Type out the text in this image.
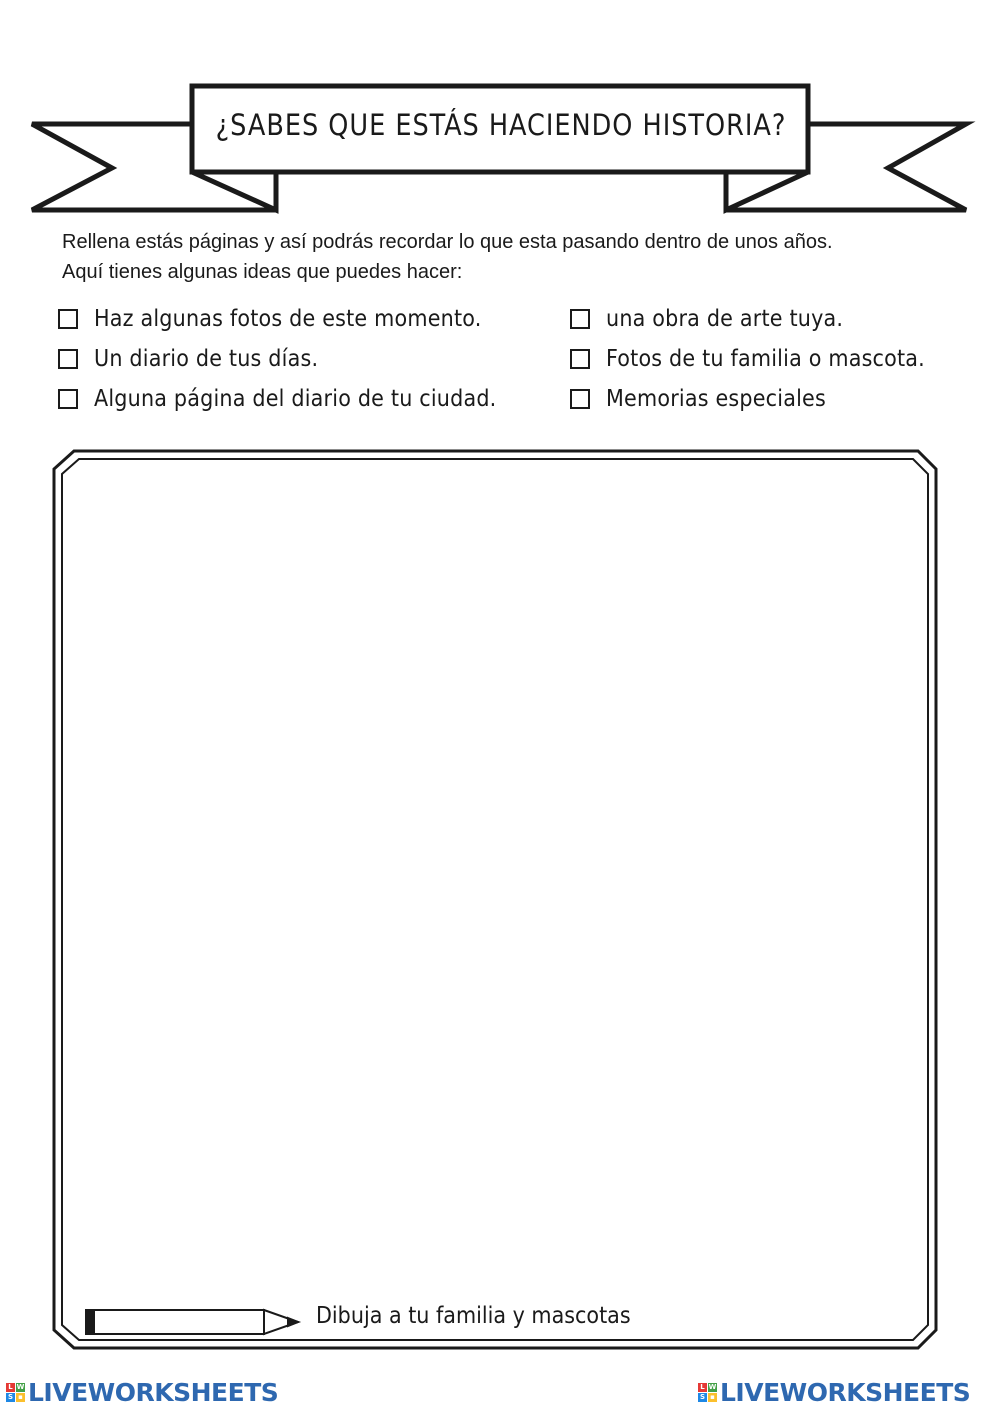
¿SABES QUE ESTÁS HACIENDO HISTORIA?

Rellena estás páginas y así podrás recordar lo que esta pasando dentro de unos años.

Aquí tienes algunas ideas que puedes hacer:

Haz algunas fotos de este momento.	una obra de arte tuya.
Un diario de tus días.	Fotos de tu familia o mascota.
Alguna página del diario de tu ciudad.	Memorias especiales
Dibuja a tu familia y mascotas
L W
S ▪ LIVEWORKSHEETS	L W
S ▪ LIVEWORKSHEETS
